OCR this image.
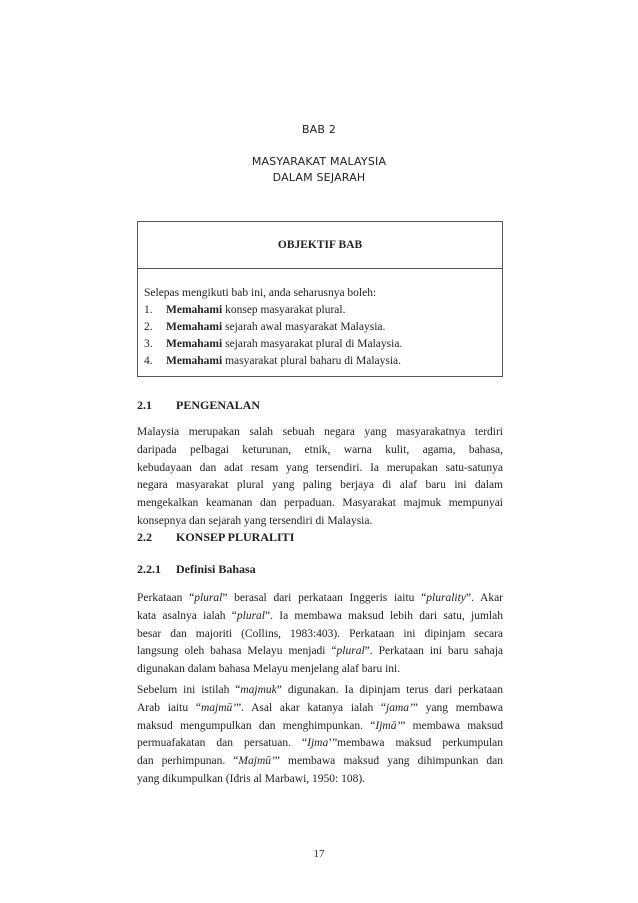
BAB 2
MASYARAKAT MALAYSIA
DALAM SEJARAH
OBJEKTIF BAB
Selepas mengikuti bab ini, anda seharusnya boleh:
1. Memahami konsep masyarakat plural.
2. Memahami sejarah awal masyarakat Malaysia.
3. Memahami sejarah masyarakat plural di Malaysia.
4. Memahami masyarakat plural baharu di Malaysia.
2.1 PENGENALAN
Malaysia merupakan salah sebuah negara yang masyarakatnya terdiri
daripada pelbagai keturunan, etnik, warna kulit, agama, bahasa,
kebudayaan dan adat resam yang tersendiri. Ia merupakan satu-satunya
negara masyarakat plural yang paling berjaya di alaf baru ini dalam
mengekalkan keamanan dan perpaduan. Masyarakat majmuk mempunyai
konsepnya dan sejarah yang tersendiri di Malaysia.
2.2 KONSEP PLURALITI
2.2.1 Definisi Bahasa
Perkataan “plural” berasal dari perkataan Inggeris iaitu “plurality”. Akar
kata asalnya ialah “plural”. Ia membawa maksud lebih dari satu, jumlah
besar dan majoriti (Collins, 1983:403). Perkataan ini dipinjam secara
langsung oleh bahasa Melayu menjadi “plural”. Perkataan ini baru sahaja
digunakan dalam bahasa Melayu menjelang alaf baru ini.
Sebelum ini istilah “majmuk” digunakan. Ia dipinjam terus dari perkataan
Arab iaitu “majmū’”. Asal akar katanya ialah “jama’” yang membawa
maksud mengumpulkan dan menghimpunkan. “Ijmā’” membawa maksud
permuafakatan dan persatuan. “Ijma’”membawa maksud perkumpulan
dan perhimpunan. “Majmū’” membawa maksud yang dihimpunkan dan
yang dikumpulkan (Idris al Marbawi, 1950: 108).
17
